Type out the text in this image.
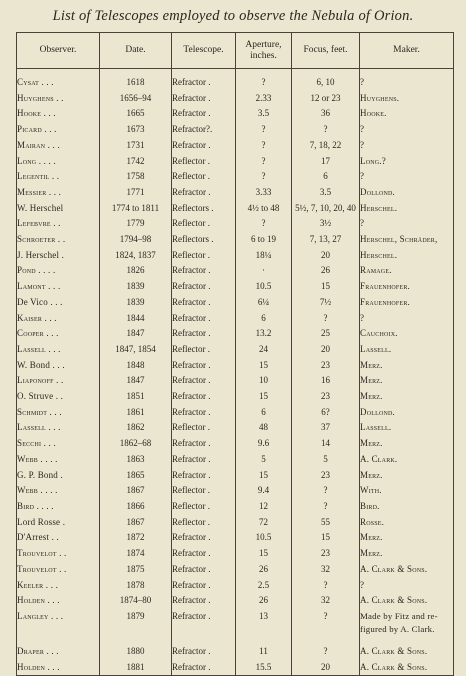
List of Telescopes employed to observe the Nebula of Orion.
Observer.	Date.	Telescope.	Aperture, inches.	Focus, feet.	Maker.

Cysat . . .	1618	Refractor .	?	6, 10	?
Huyghens . .	1656–94	Refractor .	2.33	12 or 23	Huyghens.
Hooke . . .	1665	Refractor .	3.5	36	Hooke.
Picard . . .	1673	Refractor?.	?	?	?
Mairan . . .	1731	Refractor .	?	7, 18, 22	?
Long . . . .	1742	Reflector .	?	17	Long.?
Legentil . .	1758	Reflector .	?	6	?
Messier . . .	1771	Refractor .	3.33	3.5	Dollond.
W. Herschel	1774 to 1811	Reflectors .	4½ to 48	5½, 7, 10, 20, 40	Herschel.
Lefebvre . .	1779	Reflector .	?	3½	?
Schroeter . .	1794–98	Reflectors .	6 to 19	7, 13, 27	Herschel, Schräder,
J. Herschel .	1824, 1837	Reflector .	18¼	20	Herschel.
Pond . . . .	1826	Refractor .	·	26	Ramage.
Lamont . . .	1839	Refractor .	10.5	15	Frauenhofer.
De Vico . . .	1839	Refractor .	6¼	7½	Frauenhofer.
Kaiser . . .	1844	Refractor .	6	?	?
Cooper . . .	1847	Refractor .	13.2	25	Cauchoix.
Lassell . . .	1847, 1854	Reflector .	24	20	Lassell.
W. Bond . . .	1848	Refractor .	15	23	Merz.
Liaponoff . .	1847	Refractor .	10	16	Merz.
O. Struve . .	1851	Refractor .	15	23	Merz.
Schmidt . . .	1861	Refractor .	6	6?	Dollond.
Lassell . . .	1862	Reflector .	48	37	Lassell.
Secchi . . .	1862–68	Refractor .	9.6	14	Merz.
Webb . . . .	1863	Refractor .	5	5	A. Clark.
G. P. Bond .	1865	Refractor .	15	23	Merz.
Webb . . . .	1867	Reflector .	9.4	?	With.
Bird . . . .	1866	Reflector .	12	?	Bird.
Lord Rosse .	1867	Reflector .	72	55	Rosse.
D'Arrest . .	1872	Refractor .	10.5	15	Merz.
Trouvelot . .	1874	Refractor .	15	23	Merz.
Trouvelot . .	1875	Refractor .	26	32	A. Clark & Sons.
Keeler . . .	1878	Refractor .	2.5	?	?
Holden . . .	1874–80	Refractor .	26	32	A. Clark & Sons.
Langley . . .	1879	Refractor .	13	?	Made by Fitz and re-figured by A. Clark.

Draper . . .	1880	Refractor .	11	?	A. Clark & Sons.
Holden . . .	1881	Refractor .	15.5	20	A. Clark & Sons.
